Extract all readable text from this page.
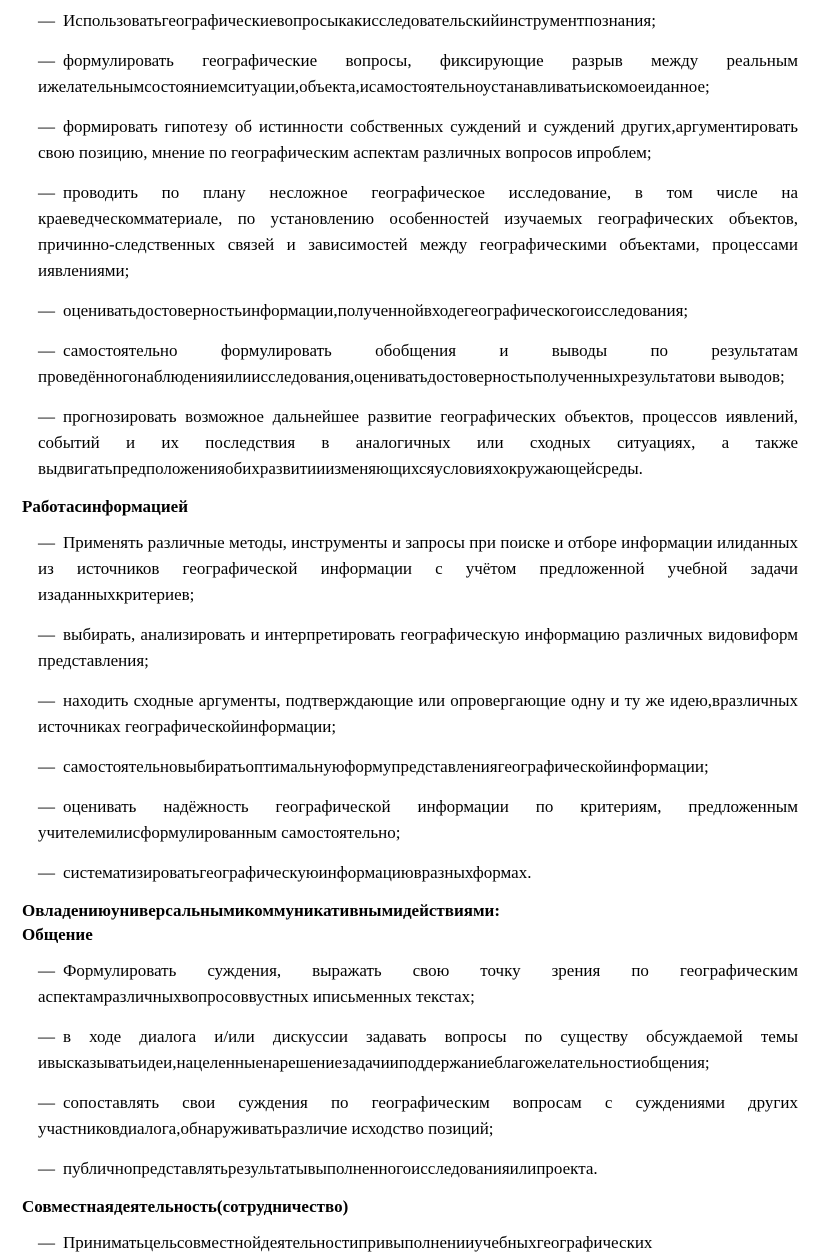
— Использоватьгеографическиевопросыкакисследовательскийинструментпознания;
— формулировать географические вопросы, фиксирующие разрыв между реальным ижелательнымсостояниемситуации,объекта,исамостоятельноустанавливатьискомоеиданное;
— формировать гипотезу об истинности собственных суждений и суждений других,аргументировать свою позицию, мнение по географическим аспектам различных вопросов ипроблем;
— проводить по плану несложное географическое исследование, в том числе на краеведческомматериале, по установлению особенностей изучаемых географических объектов, причинно-следственных связей и зависимостей между географическими объектами, процессами иявлениями;
— оцениватьдостоверностьинформации,полученнойвходегеографическогоисследования;
— самостоятельно формулировать обобщения и выводы по результатам проведённогонаблюденияилиисследования,оцениватьдостоверностьполученныхрезультатови выводов;
— прогнозировать возможное дальнейшее развитие географических объектов, процессов иявлений, событий и их последствия в аналогичных или сходных ситуациях, а также выдвигатьпредположенияобихразвитииизменяющихсяусловияхокружающейсреды.
Работасинформацией
— Применять различные методы, инструменты и запросы при поиске и отборе информации илиданных из источников географической информации с учётом предложенной учебной задачи изаданныхкритериев;
— выбирать, анализировать и интерпретировать географическую информацию различных видовиформ представления;
— находить сходные аргументы, подтверждающие или опровергающие одну и ту же идею,вразличных источниках географическойинформации;
— самостоятельновыбиратьоптимальнуюформупредставлениягеографическойинформации;
— оценивать надёжность географической информации по критериям, предложенным учителемилисформулированным самостоятельно;
— систематизироватьгеографическуюинформациювразныхформах.
Овладениюуниверсальнымикоммуникативнымидействиями:
Общение
— Формулировать суждения, выражать свою точку зрения по географическим аспектамразличныхвопросоввустных иписьменных текстах;
— в ходе диалога и/или дискуссии задавать вопросы по существу обсуждаемой темы ивысказыватьидеи,нацеленныенарешениезадачииподдержаниеблагожелательностиобщения;
— сопоставлять свои суждения по географическим вопросам с суждениями других участниковдиалога,обнаруживатьразличие исходство позиций;
— публичнопредставлятьрезультатывыполненногоисследованияилипроекта.
Совместнаядеятельность(сотрудничество)
— Приниматьцельсовместнойдеятельностипривыполненииучебныхгеографических
